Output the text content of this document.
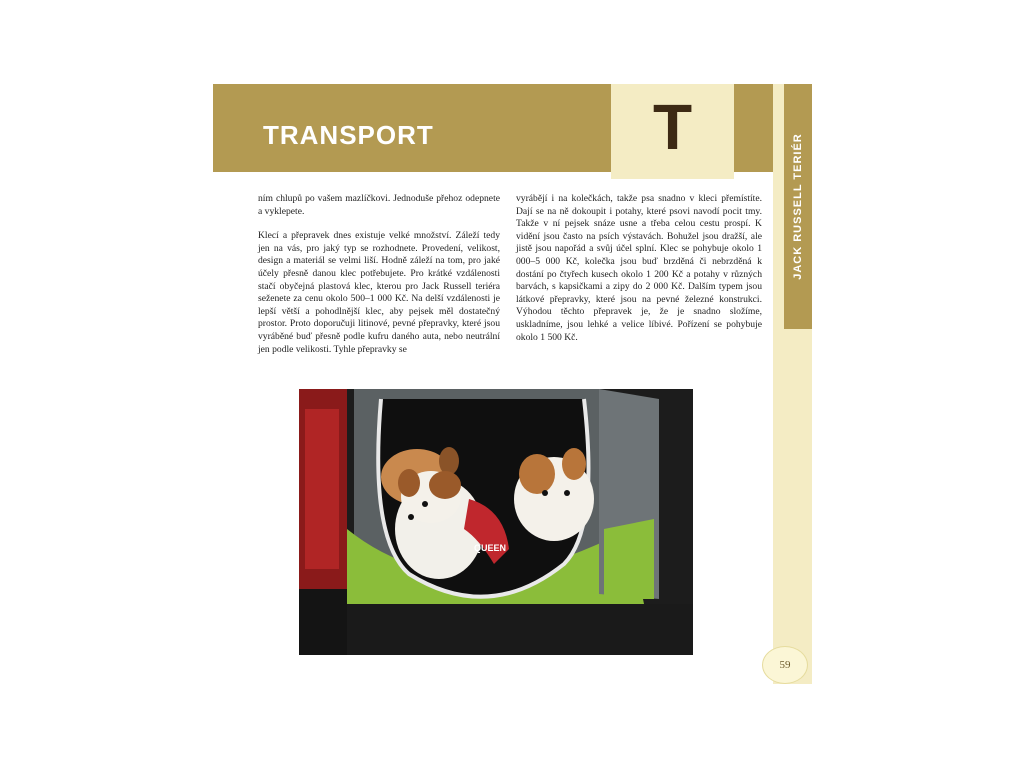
TRANSPORT	T
JACK RUSSELL TERIÉR

ním chlupů po vašem mazlíčkovi. Jednoduše přehoz odepnete a vyklepete.

Klecí a přepravek dnes existuje velké množství. Záleží tedy jen na vás, pro jaký typ se rozhodnete. Provedení, velikost, design a materiál se velmi liší. Hodně záleží na tom, pro jaké účely přesně danou klec potřebujete. Pro krátké vzdálenosti stačí obyčejná plastová klec, kterou pro Jack Russell teriéra seženete za cenu okolo 500–1 000 Kč. Na delší vzdálenosti je lepší větší a pohodlnější klec, aby pejsek měl dostatečný prostor. Proto doporučuji litinové, pevné přepravky, které jsou vyráběné buď přesně podle kufru daného auta, nebo neutrální jen podle velikosti. Tyhle přepravky se

vyrábějí i na kolečkách, takže psa snadno v kleci přemístíte. Dají se na ně dokoupit i potahy, které psovi navodí pocit tmy. Takže v ní pejsek snáze usne a třeba celou cestu prospí. K vidění jsou často na psích výstavách. Bohužel jsou dražší, ale jistě jsou napořád a svůj účel splní. Klec se pohybuje okolo 1 000–5 000 Kč, kolečka jsou buď brzděná či nebrzděná k dostání po čtyřech kusech okolo 1 200 Kč a potahy v různých barvách, s kapsičkami a zipy do 2 000 Kč. Dalším typem jsou látkové přepravky, které jsou na pevné železné konstrukci. Výhodou těchto přepravek je, že je snadno složíme, uskladníme, jsou lehké a velice líbivé. Pořízení se pohybuje okolo 1 500 Kč.

QUEEN
59
